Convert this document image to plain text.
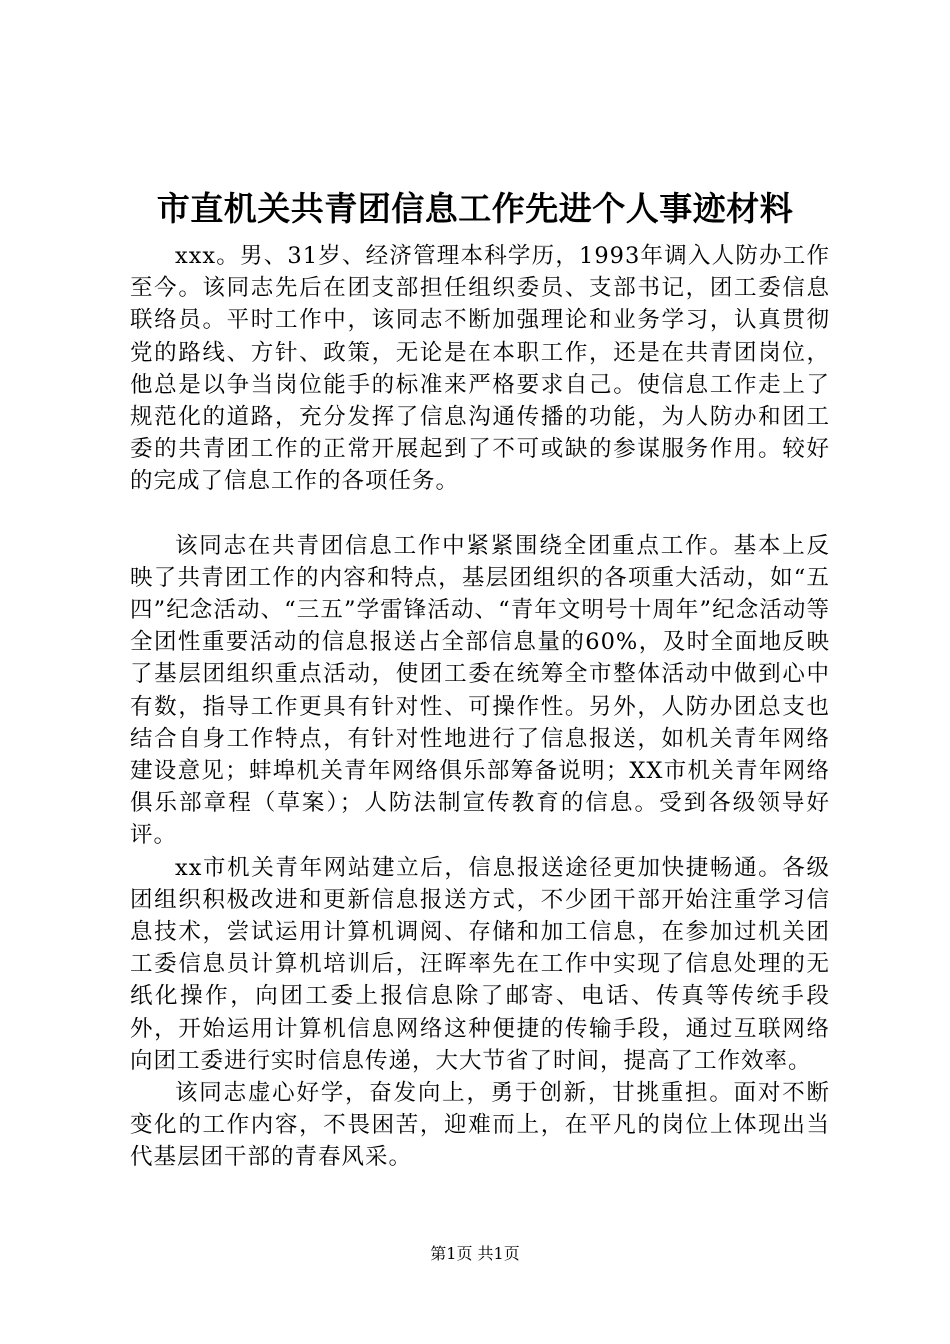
市直机关共青团信息工作先进个人事迹材料

xxx。男、31岁、经济管理本科学历，1993年调入人防办工作至今。该同志先后在团支部担任组织委员、支部书记，团工委信息联络员。平时工作中，该同志不断加强理论和业务学习，认真贯彻党的路线、方针、政策，无论是在本职工作，还是在共青团岗位，他总是以争当岗位能手的标准来严格要求自己。使信息工作走上了规范化的道路，充分发挥了信息沟通传播的功能，为人防办和团工委的共青团工作的正常开展起到了不可或缺的参谋服务作用。较好的完成了信息工作的各项任务。

该同志在共青团信息工作中紧紧围绕全团重点工作。基本上反映了共青团工作的内容和特点，基层团组织的各项重大活动，如“五四”纪念活动、“三五”学雷锋活动、“青年文明号十周年”纪念活动等全团性重要活动的信息报送占全部信息量的60%，及时全面地反映了基层团组织重点活动，使团工委在统筹全市整体活动中做到心中有数，指导工作更具有针对性、可操作性。另外，人防办团总支也结合自身工作特点，有针对性地进行了信息报送，如机关青年网络建设意见；蚌埠机关青年网络俱乐部筹备说明；XX市机关青年网络俱乐部章程（草案）；人防法制宣传教育的信息。受到各级领导好评。

xx市机关青年网站建立后，信息报送途径更加快捷畅通。各级团组织积极改进和更新信息报送方式，不少团干部开始注重学习信息技术，尝试运用计算机调阅、存储和加工信息，在参加过机关团工委信息员计算机培训后，汪晖率先在工作中实现了信息处理的无纸化操作，向团工委上报信息除了邮寄、电话、传真等传统手段外，开始运用计算机信息网络这种便捷的传输手段，通过互联网络向团工委进行实时信息传递，大大节省了时间，提高了工作效率。

该同志虚心好学，奋发向上，勇于创新，甘挑重担。面对不断变化的工作内容，不畏困苦，迎难而上，在平凡的岗位上体现出当代基层团干部的青春风采。

第1页 共1页
